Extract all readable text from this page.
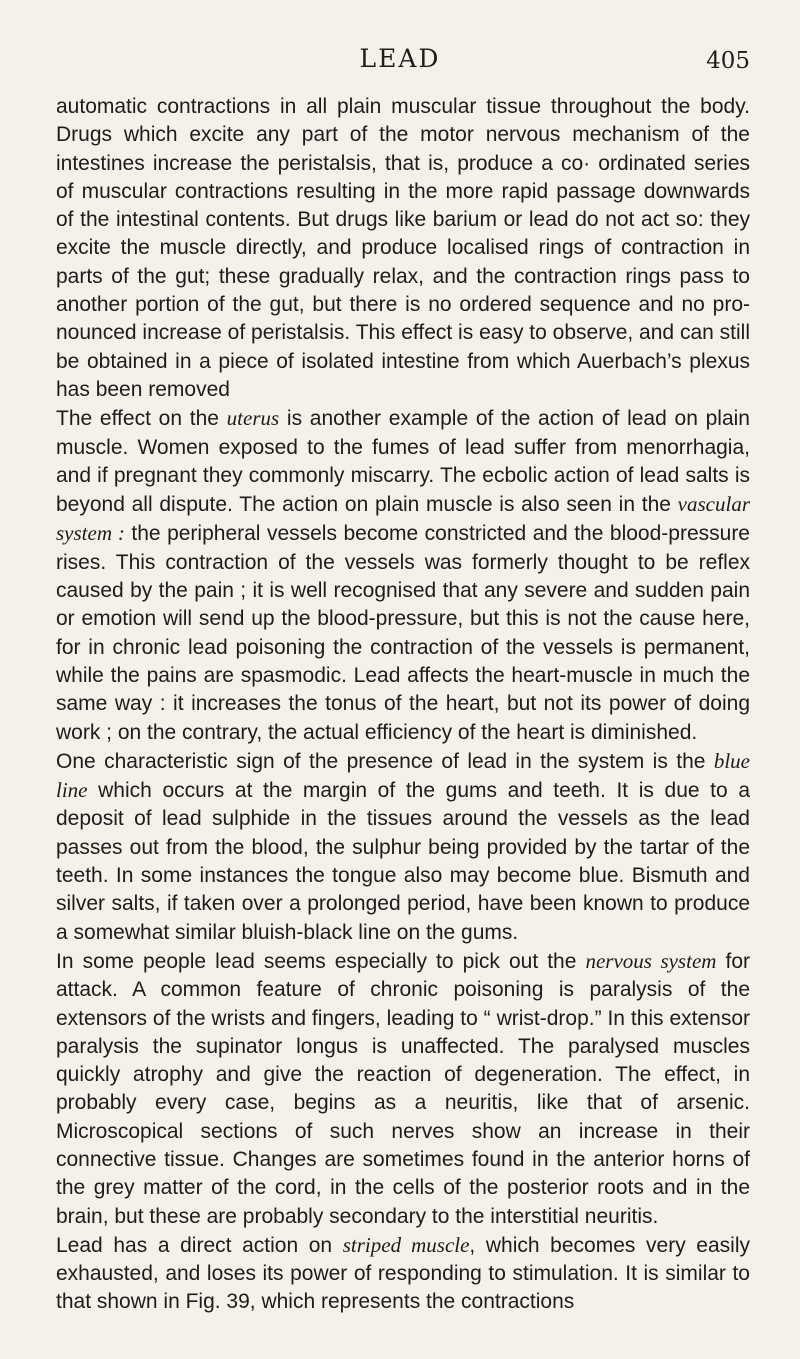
LEAD	405

automatic contractions in all plain muscular tissue throughout the body. Drugs which excite any part of the motor nervous mechanism of the intestines increase the peristalsis, that is, produce a co· ordinated series of muscular contractions resulting in the more rapid passage downwards of the intestinal contents. But drugs like barium or lead do not act so: they excite the muscle directly, and produce localised rings of contraction in parts of the gut; these gradually relax, and the contraction rings pass to another portion of the gut, but there is no ordered sequence and no pro- nounced increase of peristalsis. This effect is easy to observe, and can still be obtained in a piece of isolated intestine from which Auerbach’s plexus has been removed

The effect on the uterus is another example of the action of lead on plain muscle. Women exposed to the fumes of lead suffer from menorrhagia, and if pregnant they commonly miscarry. The ecbolic action of lead salts is beyond all dispute. The action on plain muscle is also seen in the vascular system : the peripheral vessels become constricted and the blood-pressure rises. This contraction of the vessels was formerly thought to be reflex caused by the pain ; it is well recognised that any severe and sudden pain or emotion will send up the blood-pressure, but this is not the cause here, for in chronic lead poisoning the contraction of the vessels is permanent, while the pains are spasmodic. Lead affects the heart-muscle in much the same way : it increases the tonus of the heart, but not its power of doing work ; on the contrary, the actual efficiency of the heart is diminished.

One characteristic sign of the presence of lead in the system is the blue line which occurs at the margin of the gums and teeth. It is due to a deposit of lead sulphide in the tissues around the vessels as the lead passes out from the blood, the sulphur being provided by the tartar of the teeth. In some instances the tongue also may become blue. Bismuth and silver salts, if taken over a prolonged period, have been known to produce a somewhat similar bluish-black line on the gums.

In some people lead seems especially to pick out the nervous system for attack. A common feature of chronic poisoning is paralysis of the extensors of the wrists and fingers, leading to “ wrist-drop.” In this extensor paralysis the supinator longus is unaffected. The paralysed muscles quickly atrophy and give the reaction of degeneration. The effect, in probably every case, begins as a neuritis, like that of arsenic. Microscopical sections of such nerves show an increase in their connective tissue. Changes are sometimes found in the anterior horns of the grey matter of the cord, in the cells of the posterior roots and in the brain, but these are probably secondary to the interstitial neuritis.

Lead has a direct action on striped muscle, which becomes very easily exhausted, and loses its power of responding to stimulation. It is similar to that shown in Fig. 39, which represents the contractions
